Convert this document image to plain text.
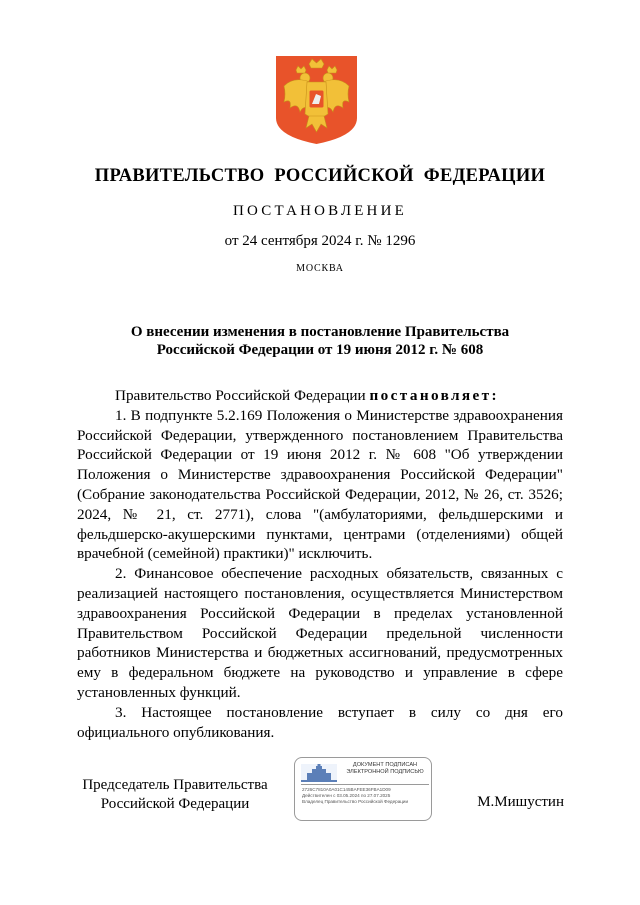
ПРАВИТЕЛЬСТВО РОССИЙСКОЙ ФЕДЕРАЦИИ
ПОСТАНОВЛЕНИЕ
от 24 сентября 2024 г. № 1296
МОСКВА
О внесении изменения в постановление Правительства
Российской Федерации от 19 июня 2012 г. № 608

Правительство Российской Федерации постановляет:

1. В подпункте 5.2.169 Положения о Министерстве здравоохранения Российской Федерации, утвержденного постановлением Правительства Российской Федерации от 19 июня 2012 г. № 608 "Об утверждении Положения о Министерстве здравоохранения Российской Федерации" (Собрание законодательства Российской Федерации, 2012, № 26, ст. 3526; 2024, № 21, ст. 2771), слова "(амбулаториями, фельдшерскими и фельдшерско-акушерскими пунктами, центрами (отделениями) общей врачебной (семейной) практики)" исключить.

2. Финансовое обеспечение расходных обязательств, связанных с реализацией настоящего постановления, осуществляется Министерством здравоохранения Российской Федерации в пределах установленной Правительством Российской Федерации предельной численности работников Министерства и бюджетных ассигнований, предусмотренных ему в федеральном бюджете на руководство и управление в сфере установленных функций.

3. Настоящее постановление вступает в силу со дня его официального опубликования.

Председатель Правительства
Российской Федерации
ДОКУМЕНТ ПОДПИСАН
ЭЛЕКТРОННОЙ ПОДПИСЬЮ
2726C7810A0A01C145BAFEE36FBA1D09
Действителен с 03.05.2024 по 27.07.2025
Владелец Правительство Российской Федерации	М.Мишустин
